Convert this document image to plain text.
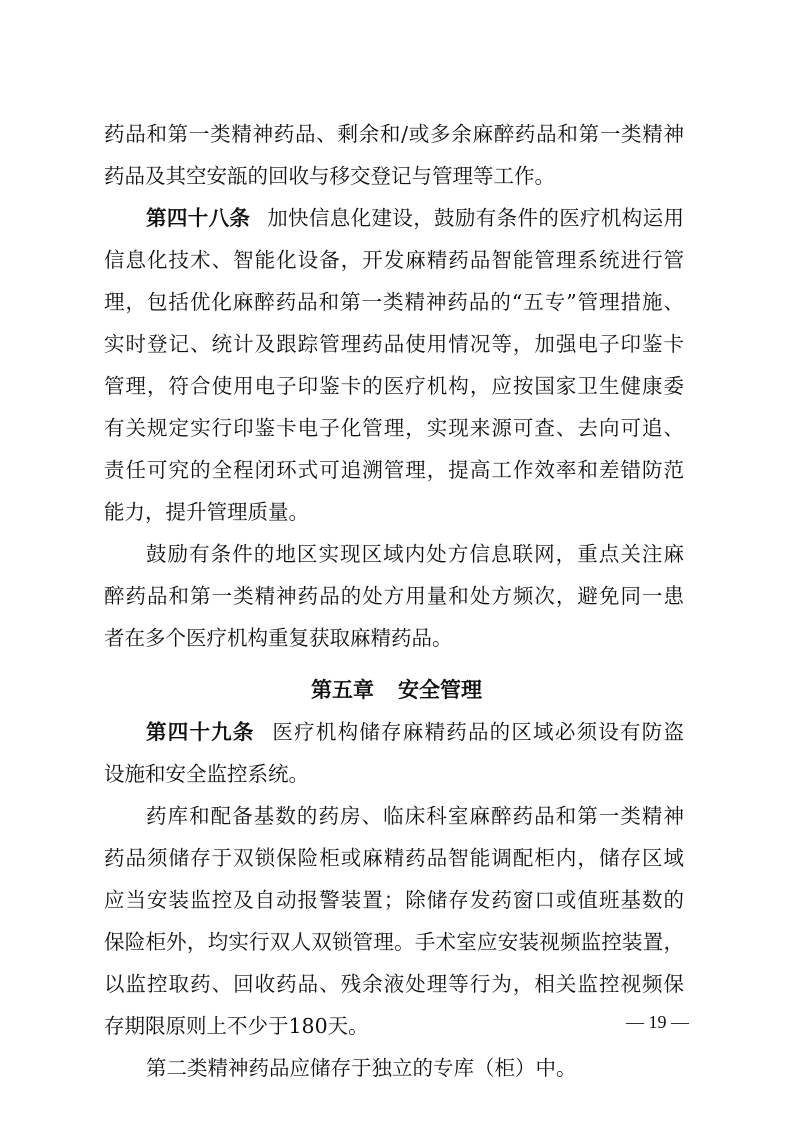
药品和第一类精神药品、剩余和/或多余麻醉药品和第一类精神
药品及其空安瓿的回收与移交登记与管理等工作。
第四十八条 加快信息化建设，鼓励有条件的医疗机构运用
信息化技术、智能化设备，开发麻精药品智能管理系统进行管
理，包括优化麻醉药品和第一类精神药品的“五专”管理措施、
实时登记、统计及跟踪管理药品使用情况等，加强电子印鉴卡
管理，符合使用电子印鉴卡的医疗机构，应按国家卫生健康委
有关规定实行印鉴卡电子化管理，实现来源可查、去向可追、
责任可究的全程闭环式可追溯管理，提高工作效率和差错防范
能力，提升管理质量。
鼓励有条件的地区实现区域内处方信息联网，重点关注麻
醉药品和第一类精神药品的处方用量和处方频次，避免同一患
者在多个医疗机构重复获取麻精药品。
第五章 安全管理
第四十九条 医疗机构储存麻精药品的区域必须设有防盗
设施和安全监控系统。
药库和配备基数的药房、临床科室麻醉药品和第一类精神
药品须储存于双锁保险柜或麻精药品智能调配柜内，储存区域
应当安装监控及自动报警装置；除储存发药窗口或值班基数的
保险柜外，均实行双人双锁管理。手术室应安装视频监控装置，
以监控取药、回收药品、残余液处理等行为，相关监控视频保
存期限原则上不少于180天。
第二类精神药品应储存于独立的专库（柜）中。
— 19 —
